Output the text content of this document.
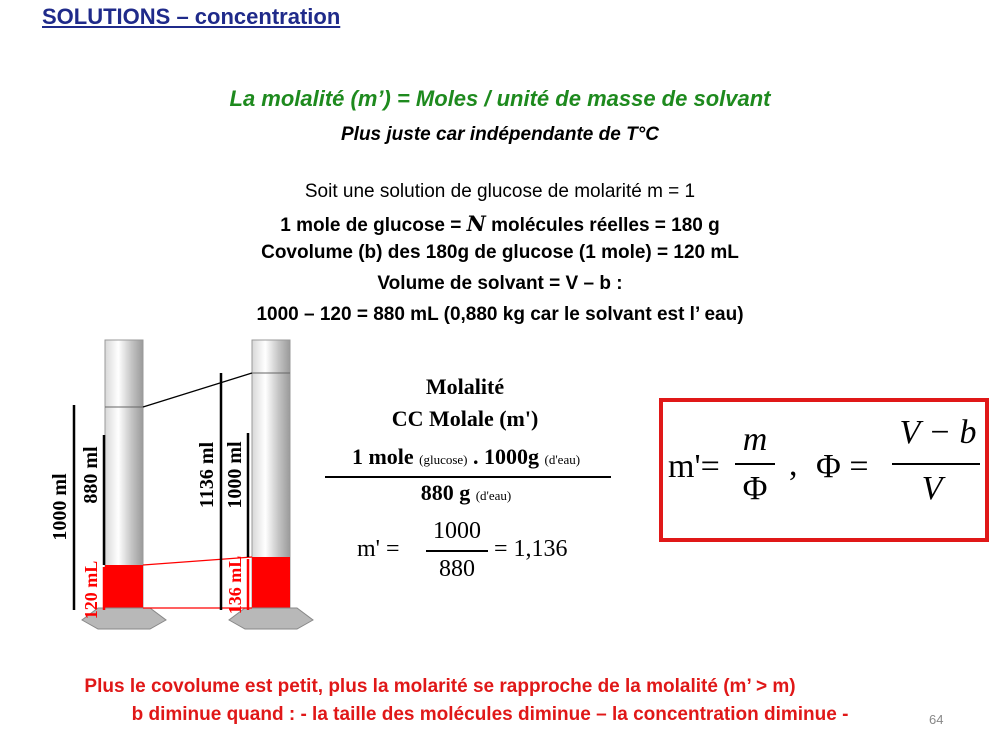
SOLUTIONS – concentration
La molalité (m’) = Moles / unité de masse de solvant
Plus juste car indépendante de T°C
Soit une solution de glucose de molarité m = 1
1 mole de glucose = N molécules réelles = 180 g
Covolume (b) des 180g de glucose (1 mole) = 120 mL
Volume de solvant = V – b :
1000 – 120 = 880 mL (0,880 kg car le solvant est l’ eau)
1000 ml 880 ml
120 mL
1136 ml 1000 ml
136 mL
Molalité
CC Molale (m')
1 mole (glucose) . 1000g (d'eau)
880 g (d'eau)
m' =
1000
880
= 1,136
m'=
m
Φ
, Φ =
V − b
V
Plus le covolume est petit, plus la molarité se rapproche de la molalité (m’ > m)
b diminue quand : - la taille des molécules diminue – la concentration diminue -	64
